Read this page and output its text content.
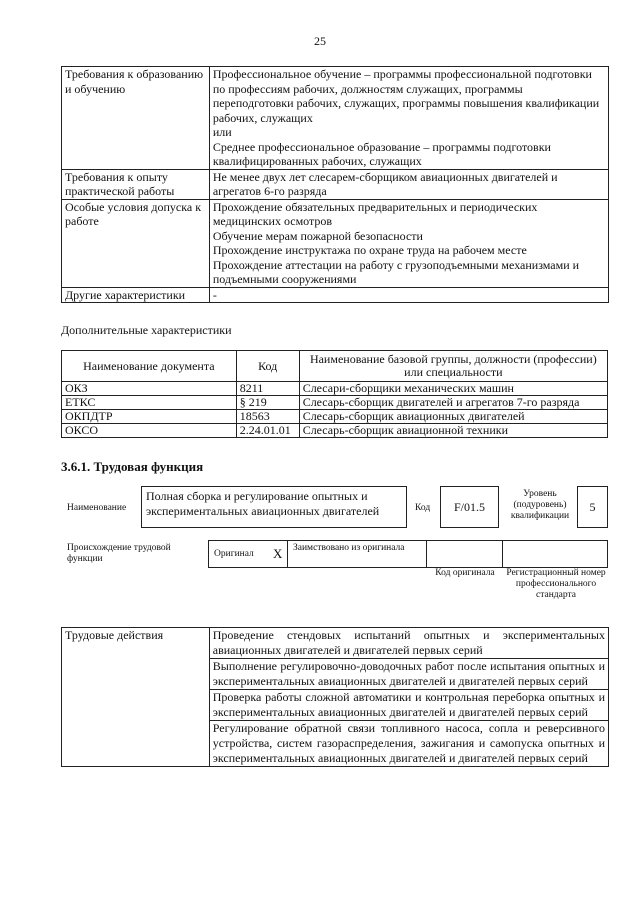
25
Требования к образованию и обучению	Профессиональное обучение – программы профессиональной подготовки по профессиям рабочих, должностям служащих, программы переподготовки рабочих, служащих, программы повышения квалификации рабочих, служащих
или
Среднее профессиональное образование – программы подготовки квалифицированных рабочих, служащих

Требования к опыту практической работы	Не менее двух лет слесарем-сборщиком авиационных двигателей и агрегатов 6-го разряда

Особые условия допуска к работе	Прохождение обязательных предварительных и периодических медицинских осмотров
Обучение мерам пожарной безопасности
Прохождение инструктажа по охране труда на рабочем месте
Прохождение аттестации на работу с грузоподъемными механизмами и подъемными сооружениями

Другие характеристики	-
Дополнительные характеристики
Наименование документа	Код	Наименование базовой группы, должности (профессии) или специальности
ОКЗ	8211	Слесари-сборщики механических машин
ЕТКС	§ 219	Слесарь-сборщик двигателей и агрегатов 7-го разряда
ОКПДТР	18563	Слесарь-сборщик авиационных двигателей
ОКСО	2.24.01.01	Слесарь-сборщик авиационной техники
3.6.1. Трудовая функция
Наименование
Полная сборка и регулирование опытных и экспериментальных авиационных двигателей	Код	F/01.5
Уровень (подуровень) квалификации
5
Происхождение трудовой функции	Оригинал X Заимствовано из оригинала
Код оригинала	Регистрационный номер профессионального стандарта
Трудовые действия	Проведение стендовых испытаний опытных и экспериментальных авиационных двигателей и двигателей первых серий
Выполнение регулировочно-доводочных работ после испытания опытных и экспериментальных авиационных двигателей и двигателей первых серий
Проверка работы сложной автоматики и контрольная переборка опытных и экспериментальных авиационных двигателей и двигателей первых серий
Регулирование обратной связи топливного насоса, сопла и реверсивного устройства, систем газораспределения, зажигания и самопуска опытных и экспериментальных авиационных двигателей и двигателей первых серий
